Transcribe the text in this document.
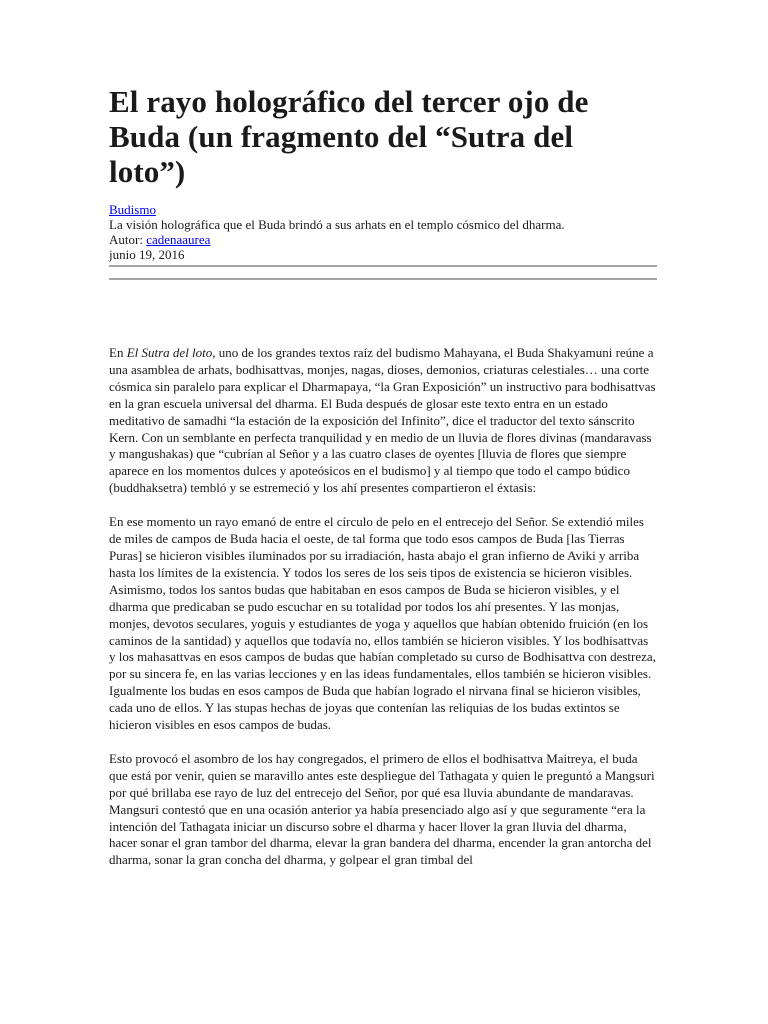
El rayo holográfico del tercer ojo de Buda (un fragmento del “Sutra del loto”)
Budismo
La visión holográfica que el Buda brindó a sus arhats en el templo cósmico del dharma.
Autor: cadenaaurea
junio 19, 2016

En El Sutra del loto, uno de los grandes textos raíz del budismo Mahayana, el Buda Shakyamuni reúne a una asamblea de arhats, bodhisattvas, monjes, nagas, dioses, demonios, criaturas celestiales… una corte cósmica sin paralelo para explicar el Dharmapaya, “la Gran Exposición” un instructivo para bodhisattvas en la gran escuela universal del dharma. El Buda después de glosar este texto entra en un estado meditativo de samadhi “la estación de la exposición del Infinito”, dice el traductor del texto sánscrito Kern. Con un semblante en perfecta tranquilidad y en medio de un lluvia de flores divinas (mandaravass y mangushakas) que “cubrían al Señor y a las cuatro clases de oyentes [lluvia de flores que siempre aparece en los momentos dulces y apoteósicos en el budismo] y al tiempo que todo el campo búdico (buddhaksetra) tembló y se estremeció y los ahí presentes compartieron el éxtasis:

En ese momento un rayo emanó de entre el círculo de pelo en el entrecejo del Señor. Se extendió miles de miles de campos de Buda hacia el oeste, de tal forma que todo esos campos de Buda [las Tierras Puras] se hicieron visibles iluminados por su irradiación, hasta abajo el gran infierno de Aviki y arriba hasta los límites de la existencia. Y todos los seres de los seis tipos de existencia se hicieron visibles. Asimismo, todos los santos budas que habitaban en esos campos de Buda se hicieron visibles, y el dharma que predicaban se pudo escuchar en su totalidad por todos los ahí presentes. Y las monjas, monjes, devotos seculares, yoguis y estudiantes de yoga y aquellos que habían obtenido fruición (en los caminos de la santidad) y aquellos que todavía no, ellos también se hicieron visibles. Y los bodhisattvas y los mahasattvas en esos campos de budas que habían completado su curso de Bodhisattva con destreza, por su sincera fe, en las varias lecciones y en las ideas fundamentales, ellos también se hicieron visibles. Igualmente los budas en esos campos de Buda que habían logrado el nirvana final se hicieron visibles, cada uno de ellos. Y las stupas hechas de joyas que contenían las reliquias de los budas extintos se hicieron visibles en esos campos de budas.

Esto provocó el asombro de los hay congregados, el primero de ellos el bodhisattva Maitreya, el buda que está por venir, quien se maravillo antes este despliegue del Tathagata y quien le preguntó a Mangsuri por qué brillaba ese rayo de luz del entrecejo del Señor, por qué esa lluvia abundante de mandaravas. Mangsuri contestó que en una ocasión anterior ya había presenciado algo así y que seguramente “era la intención del Tathagata iniciar un discurso sobre el dharma y hacer llover la gran lluvia del dharma, hacer sonar el gran tambor del dharma, elevar la gran bandera del dharma, encender la gran antorcha del dharma, sonar la gran concha del dharma, y golpear el gran timbal del
